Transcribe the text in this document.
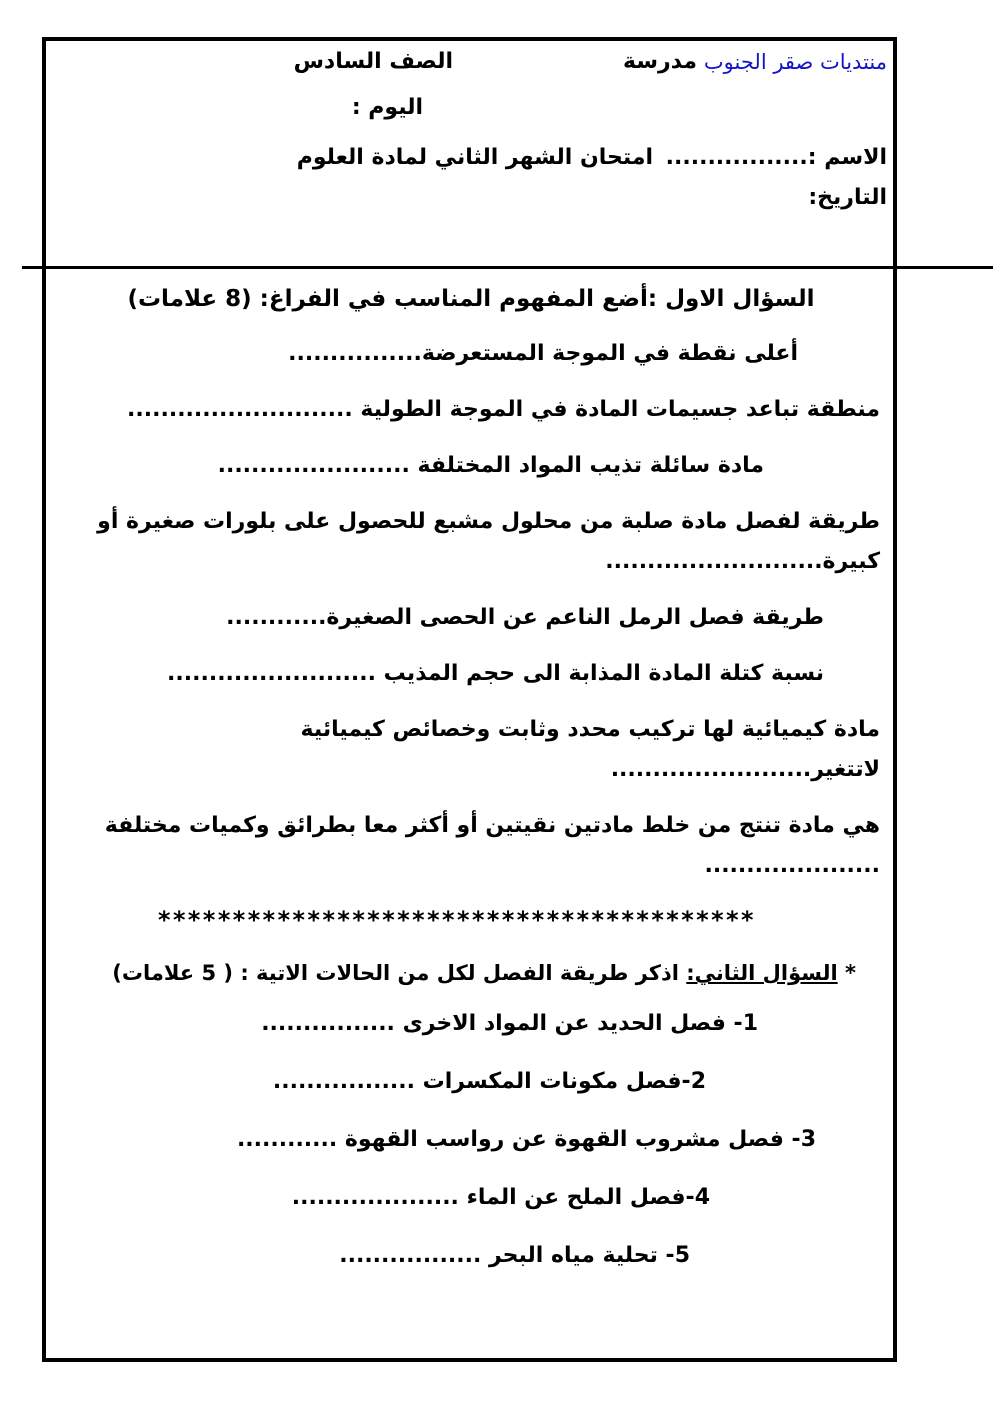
منتديات صقر الجنوب
مدرسة
الصف السادس
اليوم :
الاسم :.................
امتحان الشهر الثاني لمادة العلوم
التاريخ:

السؤال الاول :أضع المفهوم المناسب في الفراغ: (8 علامات)

أعلى نقطة في الموجة المستعرضة................

منطقة تباعد جسيمات المادة في الموجة الطولية ...........................

مادة سائلة تذيب المواد المختلفة .......................

طريقة لفصل مادة صلبة من محلول مشبع للحصول على بلورات صغيرة أو كبيرة..........................

طريقة فصل الرمل الناعم عن الحصى الصغيرة............

نسبة كتلة المادة المذابة الى حجم المذيب .........................

مادة كيميائية لها تركيب محدد وثابت وخصائص كيميائية لاتتغير........................

هي مادة تنتج من خلط مادتين نقيتين أو أكثر معا بطرائق وكميات مختلفة .....................

****************************************

* السؤال الثاني: اذكر طريقة الفصل لكل من الحالات الاتية : ( 5 علامات)

1- فصل الحديد عن المواد الاخرى ................

2-فصل مكونات المكسرات .................

3- فصل مشروب القهوة عن رواسب القهوة ............

4-فصل الملح عن الماء ....................

5- تحلية مياه البحر .................
